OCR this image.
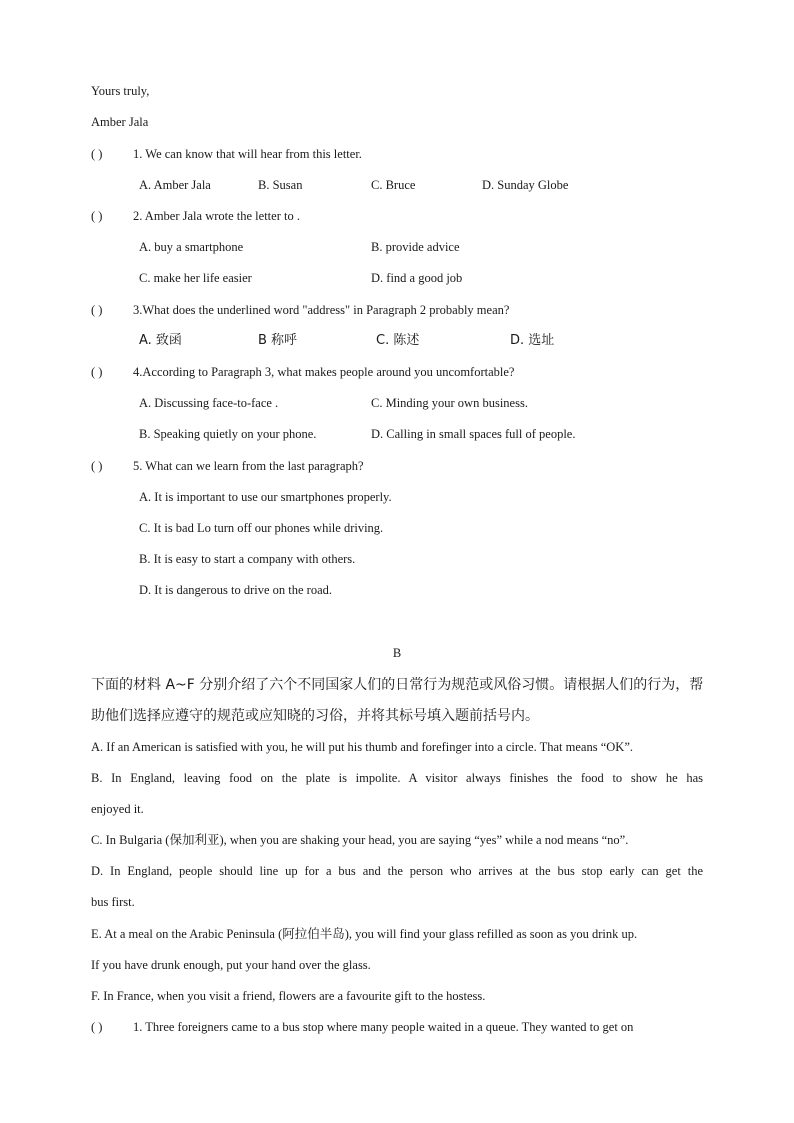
Yours truly,
Amber Jala
( ) 1. We can know that will hear from this letter.
A. Amber Jala	B. Susan	C. Bruce	D. Sunday Globe
( ) 2. Amber Jala wrote the letter to .
A. buy a smartphone	B. provide advice
C. make her life easier	D. find a good job
( ) 3.What does the underlined word "address" in Paragraph 2 probably mean?
A. 致函	B 称呼	C. 陈述	D. 选址
( ) 4.According to Paragraph 3, what makes people around you uncomfortable?
A. Discussing face-to-face .	C. Minding your own business.
B. Speaking quietly on your phone.	D. Calling in small spaces full of people.
( ) 5. What can we learn from the last paragraph?
A. It is important to use our smartphones properly.
C. It is bad Lo turn off our phones while driving.
B. It is easy to start a company with others.
D. It is dangerous to drive on the road.
B
下面的材料 A~F 分别介绍了六个不同国家人们的日常行为规范或风俗习惯。请根据人们的行为，帮
助他们选择应遵守的规范或应知晓的习俗，并将其标号填入题前括号内。
A. If an American is satisfied with you, he will put his thumb and forefinger into a circle. That means “OK”.
B. In England, leaving food on the plate is impolite. A visitor always finishes the food to show he has
enjoyed it.
C. In Bulgaria (保加利亚), when you are shaking your head, you are saying “yes” while a nod means “no”.
D. In England, people should line up for a bus and the person who arrives at the bus stop early can get the
bus first.
E. At a meal on the Arabic Peninsula (阿拉伯半岛), you will find your glass refilled as soon as you drink up.
If you have drunk enough, put your hand over the glass.
F. In France, when you visit a friend, flowers are a favourite gift to the hostess.
( ) 1. Three foreigners came to a bus stop where many people waited in a queue. They wanted to get on
